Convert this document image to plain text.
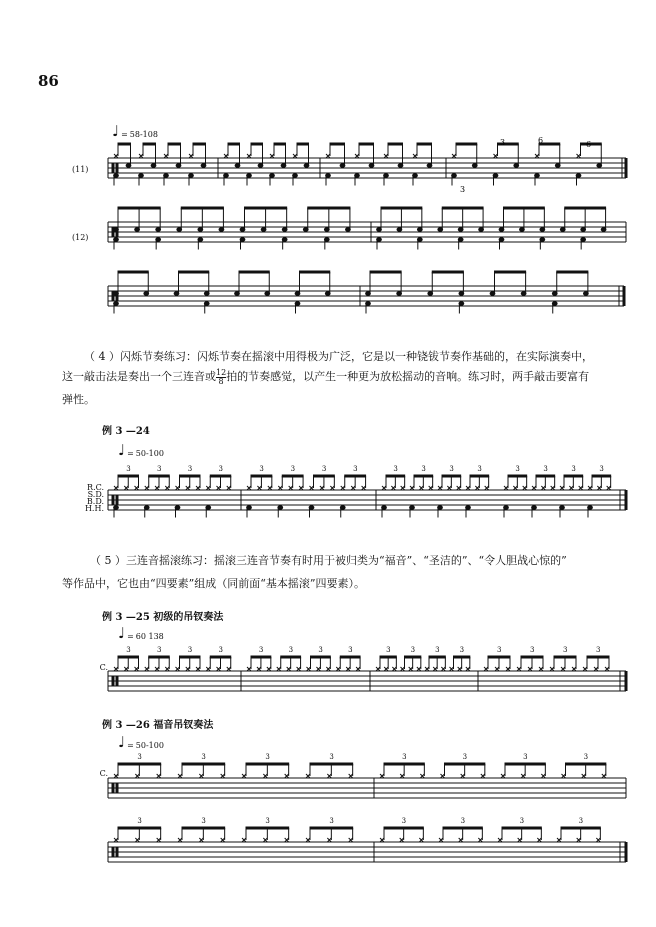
86
♩ = 58-108
(11)
3	6	6
3
(12)
（ 4 ）闪烁节奏练习：闪烁节奏在摇滚中用得极为广泛，它是以一种铙钹节奏作基础的，在实际演奏中，
这一敲击法是奏出一个三连音或 $\frac{12}{8}$ 拍的节奏感觉，以产生一种更为放松摇动的音响。练习时，两手敲击要富有
弹性。
例 3 —24
♩ = 50-100
R.C.
S.D.
B.D.
H.H.
3	3	3	3	3	3	3	3	3	3	3	3	3	3	3	3
（ 5 ）三连音摇滚练习：摇滚三连音节奏有时用于被归类为“福音”、“圣洁的”、“令人胆战心惊的”
等作品中，它也由“四要素”组成（同前面“基本摇滚”四要素）。
例 3 —25 初级的吊钗奏法
♩ = 60 138
C.
3	3	3	3	3	3	3	3	3	3	3	3	3	3	3	3
例 3 —26 福音吊钗奏法
♩ = 50-100
C.
3	3	3	3	3	3	3	3
3	3	3	3	3	3	3	3
